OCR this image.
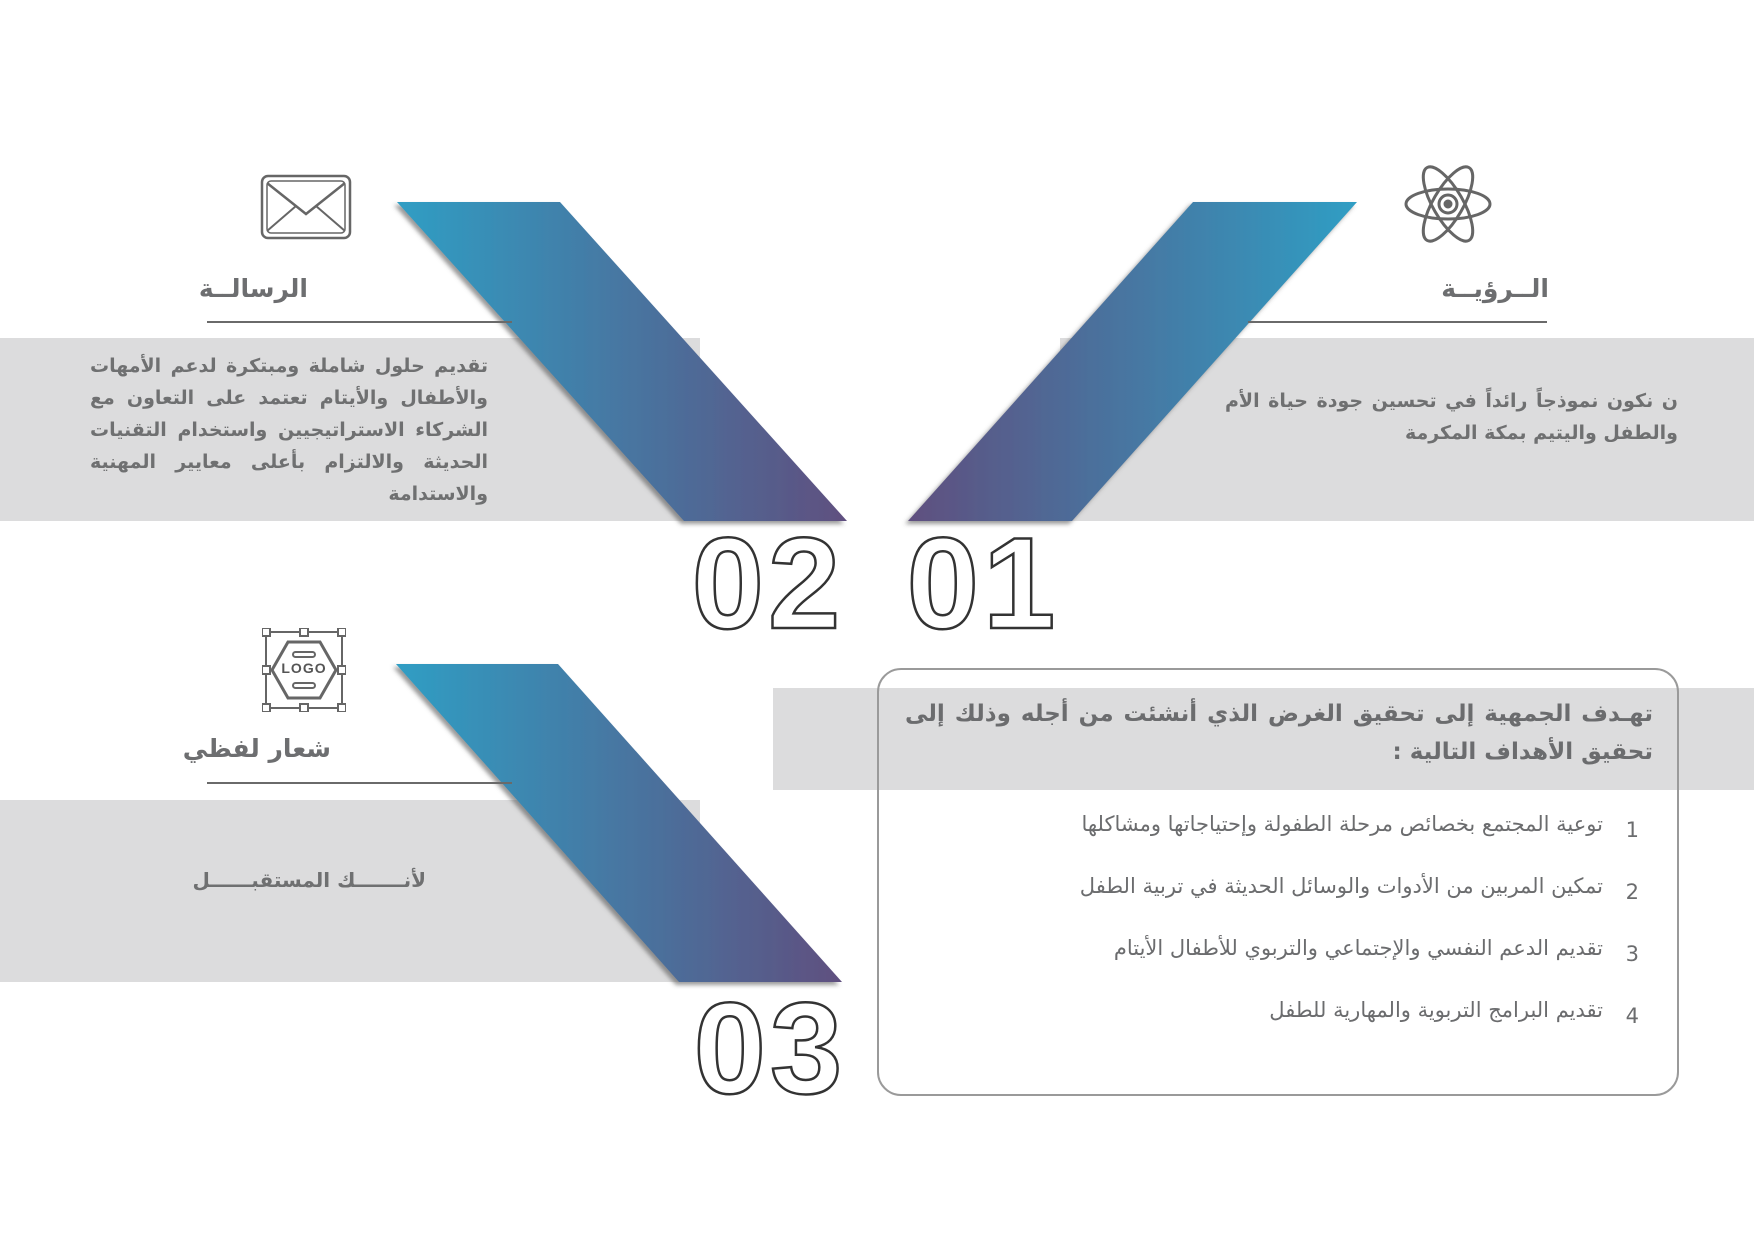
02 01
03
LOGO
الرسالــة
تقديم حلول شاملة ومبتكرة لدعم الأمهات والأطفال والأيتام تعتمد على التعاون مع الشركاء الاستراتيجيين واستخدام التقنيات الحديثة والالتزام بأعلى معايير المهنية والاستدامة
الــرؤيــة
ن نكون نموذجاً رائداً في تحسين جودة حياة الأم والطفل واليتيم بمكة المكرمة
شعار لفظي
لأنـــــــك المستقبــــــل
تهـدف الجمهية إلى تحقيق الغرض الذي أنشئت من أجله وذلك إلى تحقيق الأهداف التالية :
1
توعية المجتمع بخصائص مرحلة الطفولة وإحتياجاتها ومشاكلها
2
تمكين المربين من الأدوات والوسائل الحديثة في تربية الطفل
3
تقديم الدعم النفسي والإجتماعي والتربوي للأطفال الأيتام
4
تقديم البرامج التربوية والمهارية للطفل
